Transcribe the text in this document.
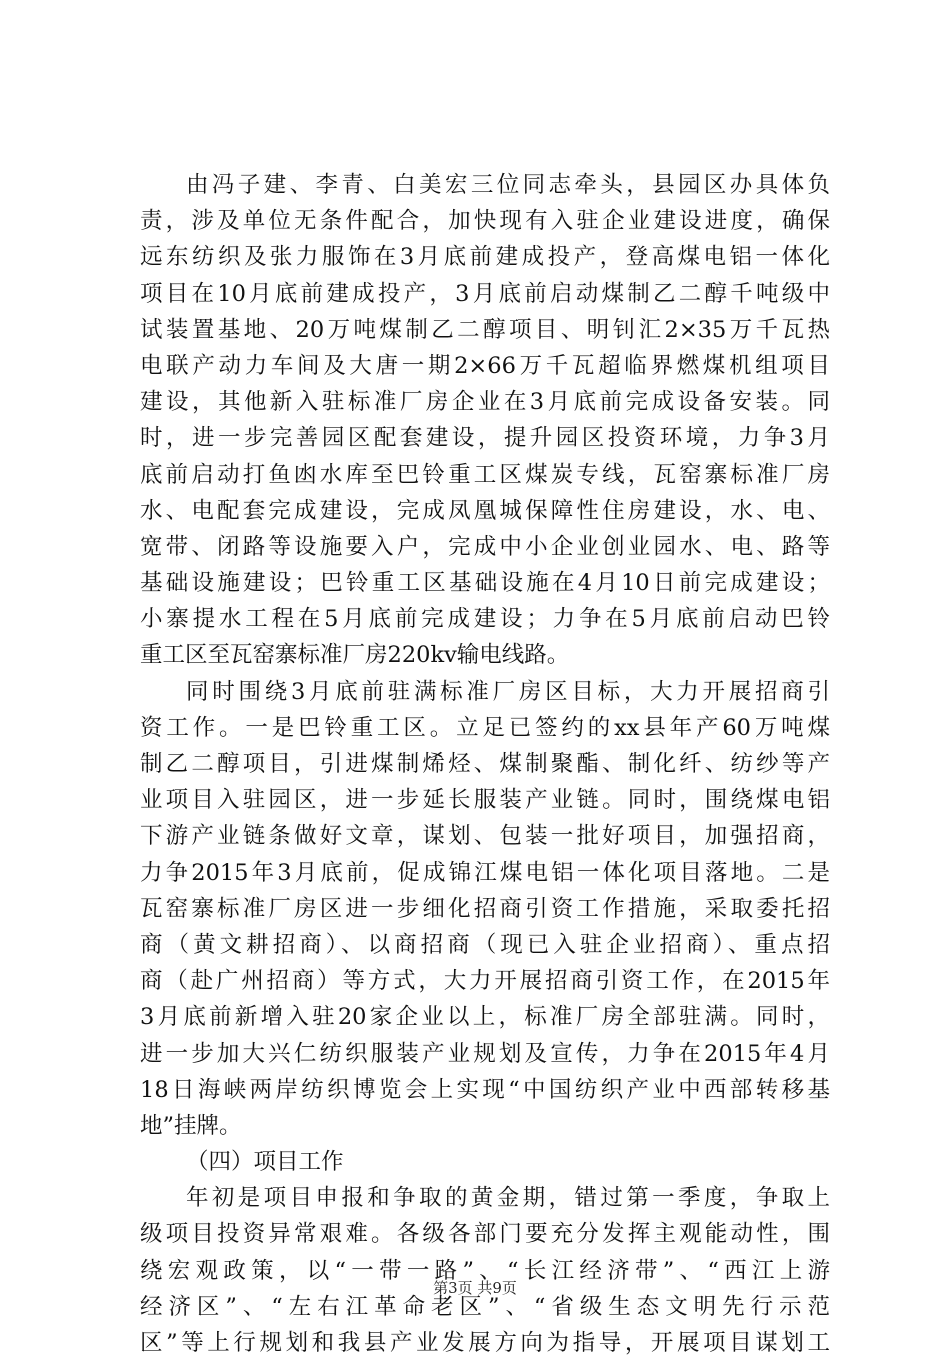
由冯子建、李青、白美宏三位同志牵头，县园区办具体负
责，涉及单位无条件配合，加快现有入驻企业建设进度，确保
远东纺织及张力服饰在3月底前建成投产，登高煤电铝一体化
项目在10月底前建成投产，3月底前启动煤制乙二醇千吨级中
试装置基地、20万吨煤制乙二醇项目、明钊汇2×35万千瓦热
电联产动力车间及大唐一期2×66万千瓦超临界燃煤机组项目
建设，其他新入驻标准厂房企业在3月底前完成设备安装。同
时，进一步完善园区配套建设，提升园区投资环境，力争3月
底前启动打鱼凼水库至巴铃重工区煤炭专线，瓦窑寨标准厂房
水、电配套完成建设，完成凤凰城保障性住房建设，水、电、
宽带、闭路等设施要入户，完成中小企业创业园水、电、路等
基础设施建设；巴铃重工区基础设施在4月10日前完成建设；
小寨提水工程在5月底前完成建设；力争在5月底前启动巴铃
重工区至瓦窑寨标准厂房220kv输电线路。
同时围绕3月底前驻满标准厂房区目标，大力开展招商引
资工作。一是巴铃重工区。立足已签约的xx县年产60万吨煤
制乙二醇项目，引进煤制烯烃、煤制聚酯、制化纤、纺纱等产
业项目入驻园区，进一步延长服装产业链。同时，围绕煤电铝
下游产业链条做好文章，谋划、包装一批好项目，加强招商，
力争2015年3月底前，促成锦江煤电铝一体化项目落地。二是
瓦窑寨标准厂房区进一步细化招商引资工作措施，采取委托招
商（黄文耕招商）、以商招商（现已入驻企业招商）、重点招
商（赴广州招商）等方式，大力开展招商引资工作，在2015年
3月底前新增入驻20家企业以上，标准厂房全部驻满。同时，
进一步加大兴仁纺织服装产业规划及宣传，力争在2015年4月
18日海峡两岸纺织博览会上实现“中国纺织产业中西部转移基
地”挂牌。
（四）项目工作
年初是项目申报和争取的黄金期，错过第一季度，争取上
级项目投资异常艰难。各级各部门要充分发挥主观能动性，围
绕宏观政策，以“一带一路”、“长江经济带”、“西江上游
经济区”、“左右江革命老区”、“省级生态文明先行示范
区”等上行规划和我县产业发展方向为指导，开展项目谋划工
第3页 共9页
